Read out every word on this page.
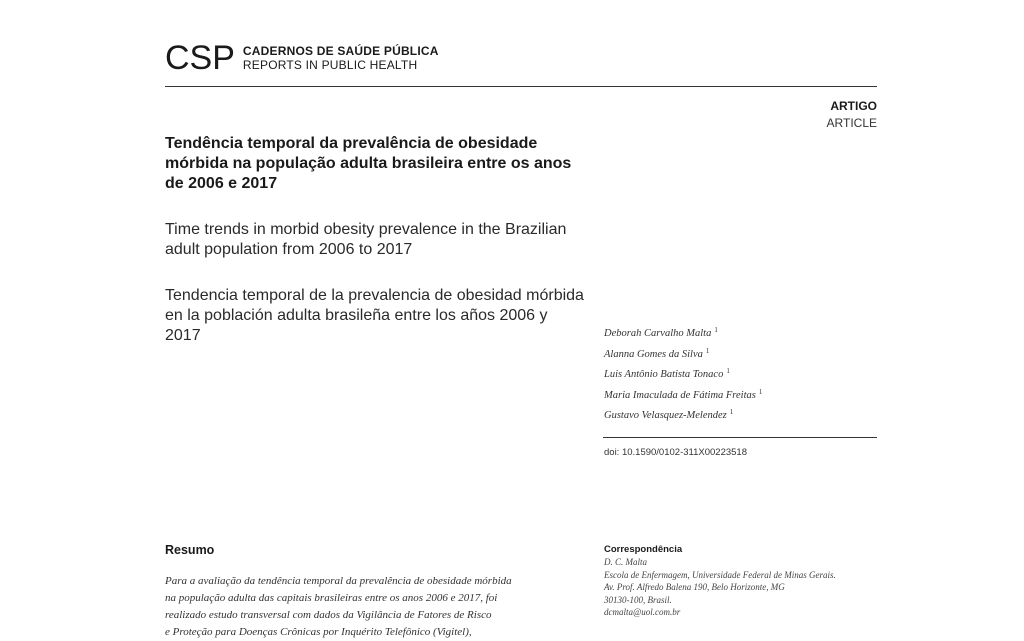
CSP CADERNOS DE SAÚDE PÚBLICA
REPORTS IN PUBLIC HEALTH
ARTIGO
ARTICLE
Tendência temporal da prevalência de obesidade mórbida na população adulta brasileira entre os anos de 2006 e 2017
Time trends in morbid obesity prevalence in the Brazilian adult population from 2006 to 2017
Tendencia temporal de la prevalencia de obesidad mórbida en la población adulta brasileña entre los años 2006 y 2017	Deborah Carvalho Malta $^1$
Alanna Gomes da Silva $^1$
Luis Antônio Batista Tonaco $^1$
Maria Imaculada de Fátima Freitas $^1$
Gustavo Velasquez-Melendez $^1$
doi: 10.1590/0102-311X00223518
Resumo
Para a avaliação da tendência temporal da prevalência de obesidade mórbida
na população adulta das capitais brasileiras entre os anos 2006 e 2017, foi
realizado estudo transversal com dados da Vigilância de Fatores de Risco
e Proteção para Doenças Crônicas por Inquérito Telefônico (Vigitel),
Correspondência
D. C. Malta
Escola de Enfermagem, Universidade Federal de Minas Gerais.
Av. Prof. Alfredo Balena 190, Belo Horizonte, MG
30130-100, Brasil.
dcmalta@uol.com.br
